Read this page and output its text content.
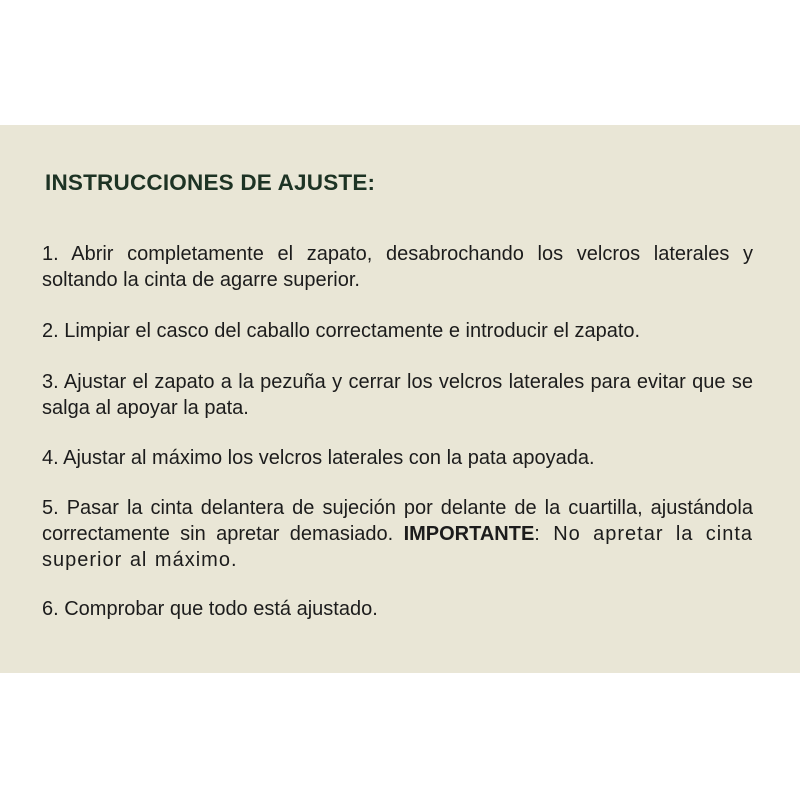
INSTRUCCIONES DE AJUSTE:

1. Abrir completamente el zapato, desabrochando los velcros laterales y soltando la cinta de agarre superior.

2. Limpiar el casco del caballo correctamente e introducir el zapato.

3. Ajustar el zapato a la pezuña y cerrar los velcros laterales para evitar que se salga al apoyar la pata.

4. Ajustar al máximo los velcros laterales con la pata apoyada.

5. Pasar la cinta delantera de sujeción por delante de la cuartilla, ajustándola correctamente sin apretar demasiado. IMPORTANTE: No apretar la cinta superior al máximo.

6. Comprobar que todo está ajustado.
